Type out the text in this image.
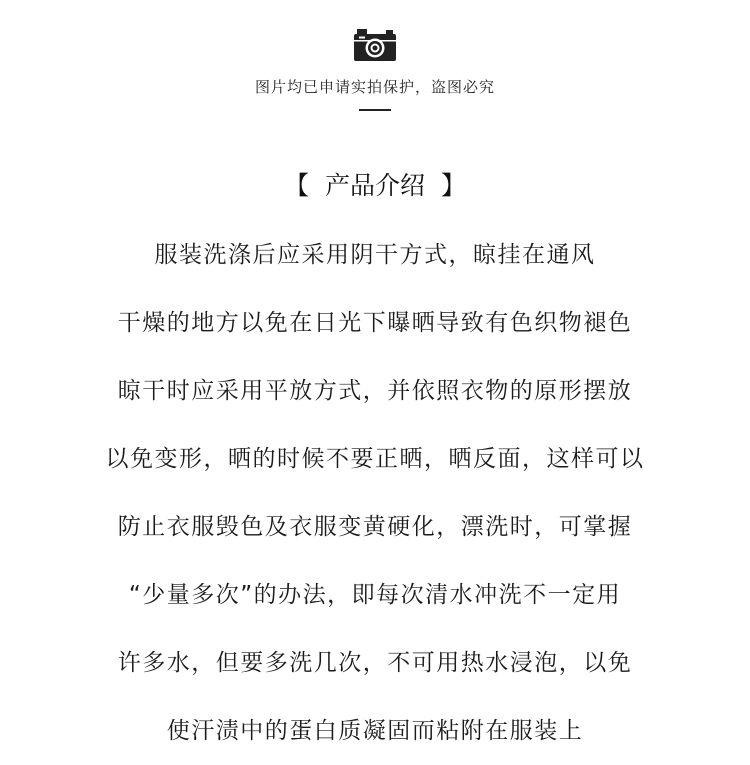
图片均已申请实拍保护，盗图必究
【  产品介绍  】
服装洗涤后应采用阴干方式，晾挂在通风
干燥的地方以免在日光下曝晒导致有色织物褪色
晾干时应采用平放方式，并依照衣物的原形摆放
以免变形，晒的时候不要正晒，晒反面，这样可以
防止衣服毁色及衣服变黄硬化，漂洗时，可掌握
“少量多次”的办法，即每次清水冲洗不一定用
许多水，但要多洗几次，不可用热水浸泡，以免
使汗渍中的蛋白质凝固而粘附在服装上
